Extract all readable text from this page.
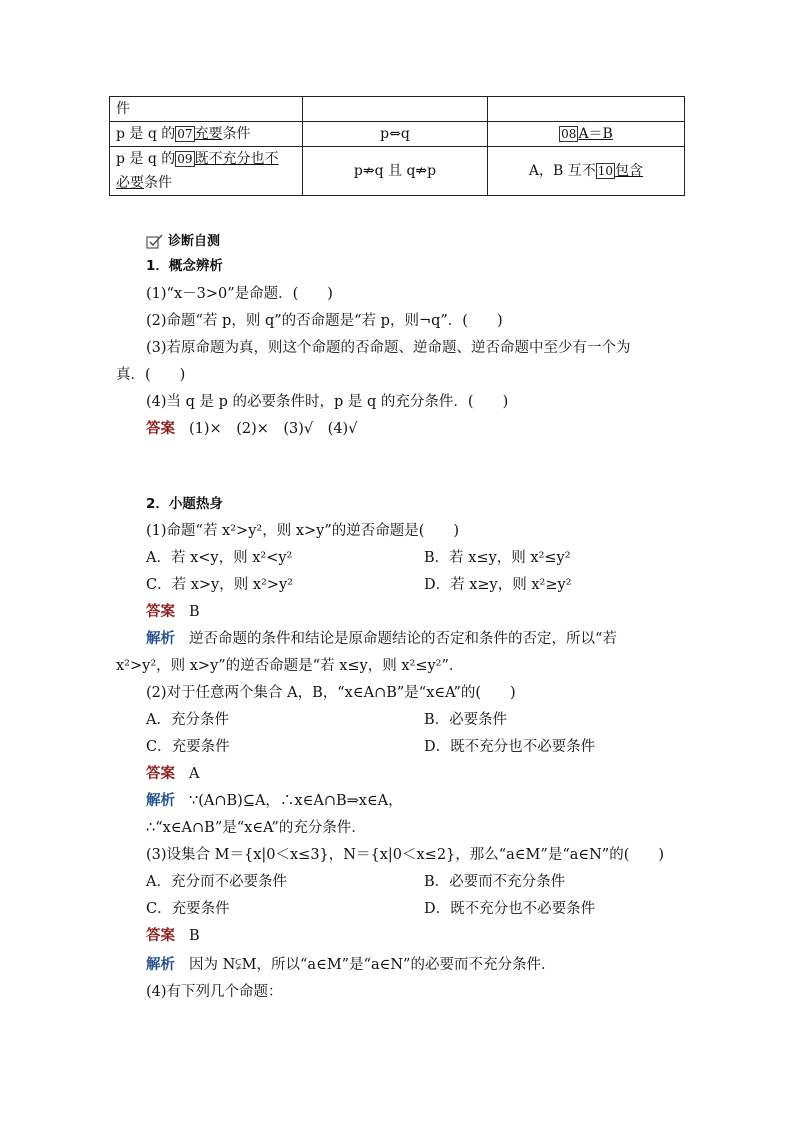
件		
p 是 q 的 07 充要条件	p⇔q	08 A＝B
p 是 q 的 09 既不充分也不
必要条件	p⇏q 且 q⇏p	A，B 互不 10 包含
诊断自测
1．概念辨析
(1)“x－3>0”是命题．(　　)
(2)命题“若 p，则 q”的否命题是“若 p，则¬q”．(　　)
(3)若原命题为真，则这个命题的否命题、逆命题、逆否命题中至少有一个为
真．(　　)
(4)当 q 是 p 的必要条件时，p 是 q 的充分条件．(　　)
答案 (1)×　(2)×　(3)√　(4)√
2．小题热身
(1)命题“若 x²>y²，则 x>y”的逆否命题是(　　)
A．若 x<y，则 x²<y²	B．若 x≤y，则 x²≤y²
C．若 x>y，则 x²>y²	D．若 x≥y，则 x²≥y²
答案 B
解析 逆否命题的条件和结论是原命题结论的否定和条件的否定，所以“若
x²>y²，则 x>y”的逆否命题是“若 x≤y，则 x²≤y²”．
(2)对于任意两个集合 A，B，“x∈A∩B”是“x∈A”的(　　)
A．充分条件	B．必要条件
C．充要条件	D．既不充分也不必要条件
答案 A
解析 ∵(A∩B)⊆A，∴x∈A∩B⇒x∈A，
∴“x∈A∩B”是“x∈A”的充分条件．
(3)设集合 M＝{x|0＜x≤3}，N＝{x|0＜x≤2}，那么“a∈M”是“a∈N”的(　　)
A．充分而不必要条件	B．必要而不充分条件
C．充要条件	D．既不充分也不必要条件
答案 B
解析 因为 N⫋M，所以“a∈M”是“a∈N”的必要而不充分条件．
(4)有下列几个命题：
